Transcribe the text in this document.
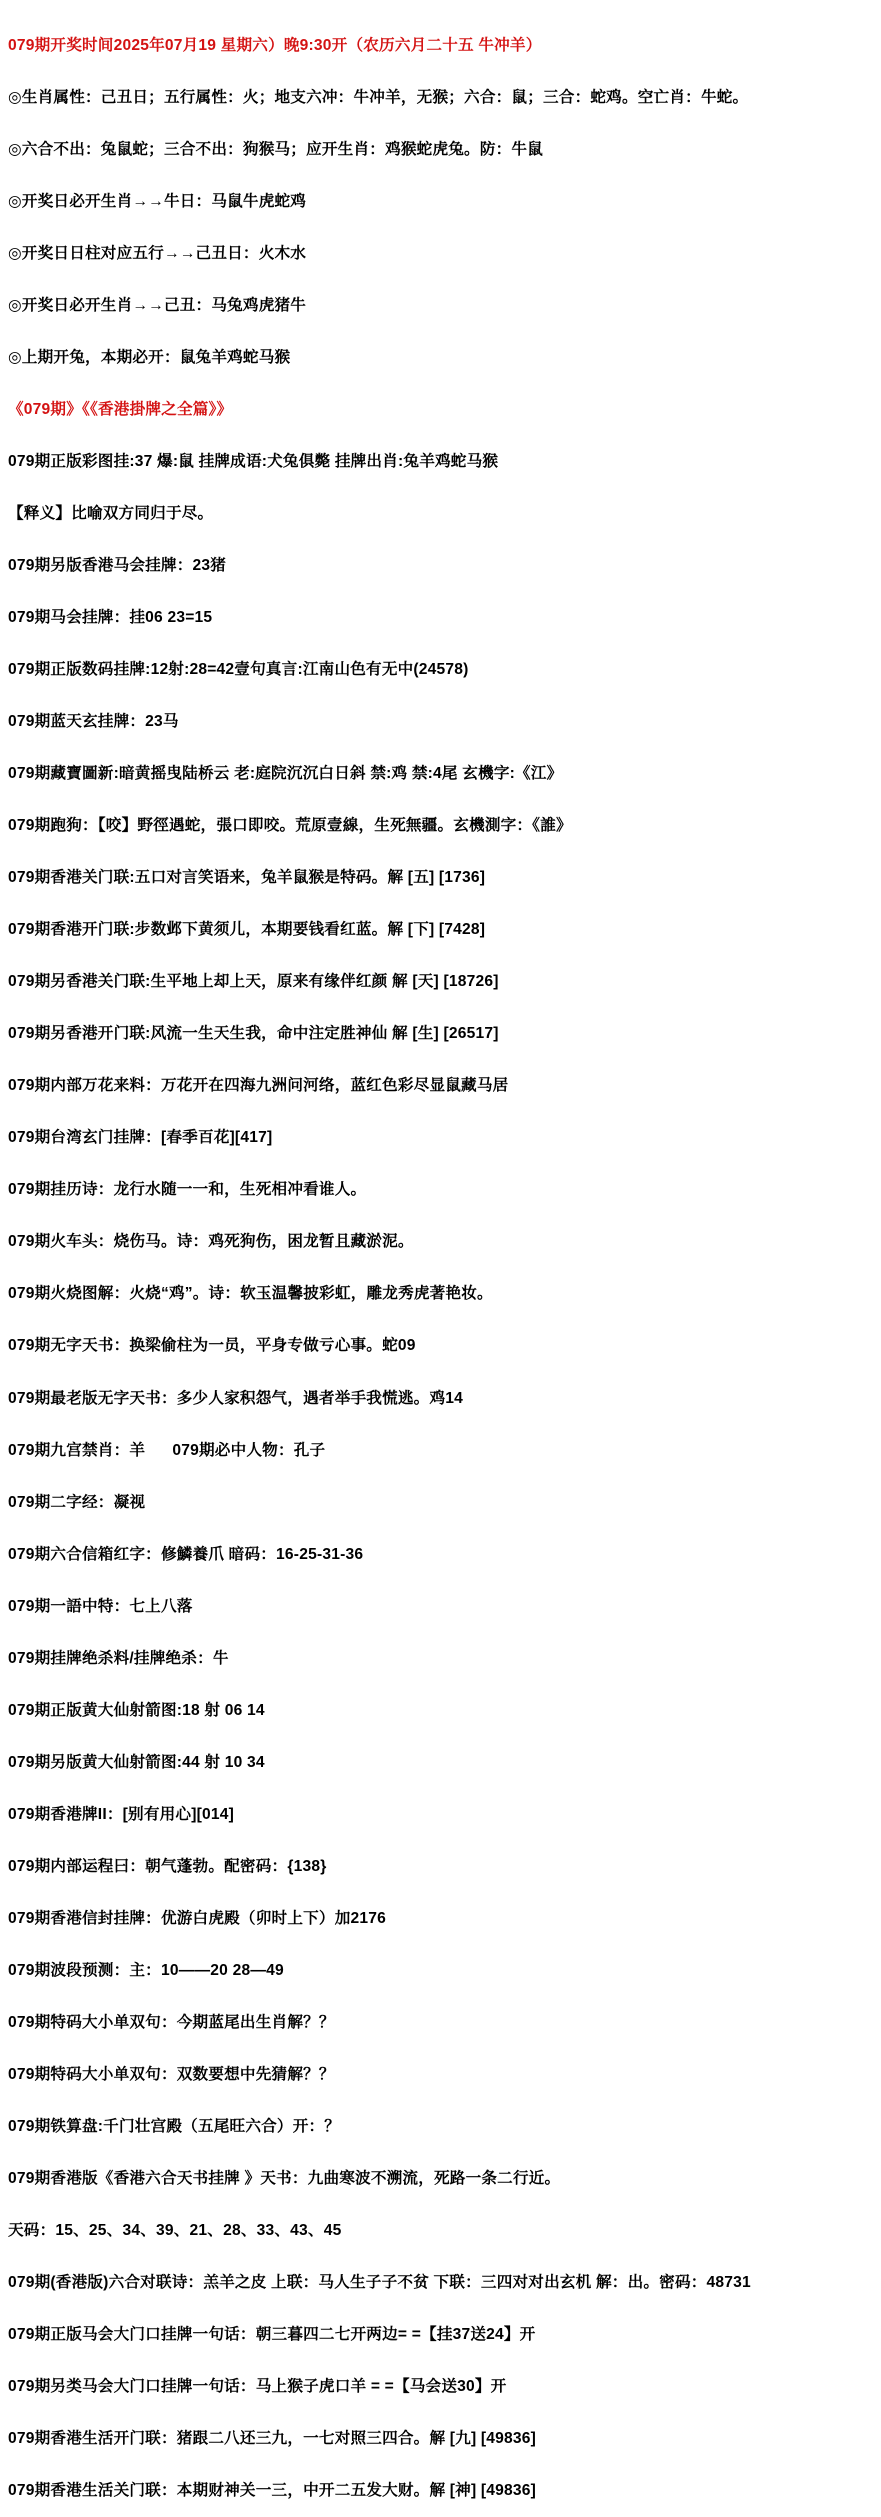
079期开奖时间2025年07月19 星期六）晚9:30开（农历六月二十五 牛冲羊）

◎生肖属性：己丑日；五行属性：火；地支六冲：牛冲羊，无猴；六合：鼠；三合：蛇鸡。空亡肖：牛蛇。

◎六合不出：兔鼠蛇；三合不出：狗猴马；应开生肖：鸡猴蛇虎兔。防：牛鼠

◎开奖日必开生肖→→牛日：马鼠牛虎蛇鸡

◎开奖日日柱对应五行→→己丑日：火木水

◎开奖日必开生肖→→己丑：马兔鸡虎猪牛

◎上期开兔，本期必开：鼠兔羊鸡蛇马猴

《079期》《《香港掛牌之全篇》》

079期正版彩图挂:37 爆:鼠 挂牌成语:犬兔俱斃 挂牌出肖:兔羊鸡蛇马猴

【释义】比喻双方同归于尽。

079期另版香港马会挂牌：23猪

079期马会挂牌：挂06 23=15

079期正版数码挂牌:12射:28=42壹句真言:江南山色有无中(24578)

079期蓝天玄挂牌：23马

079期藏寶圖新:暗黄摇曳陆桥云 老:庭院沉沉白日斜 禁:鸡 禁:4尾 玄機字:《江》

079期跑狗：【咬】野徑遇蛇，張口即咬。荒原壹線，生死無疆。玄機測字：《誰》

079期香港关门联:五口对言笑语来，兔羊鼠猴是特码。解 [五] [1736]

079期香港开门联:步数邺下黄须儿，本期要钱看红蓝。解 [下] [7428]

079期另香港关门联:生平地上却上天，原来有缘伴红颜 解 [天] [18726]

079期另香港开门联:风流一生天生我，命中注定胜神仙 解 [生] [26517]

079期内部万花来料：万花开在四海九洲问河络，蓝红色彩尽显鼠藏马居

079期台湾玄门挂牌：[春季百花][417]

079期挂历诗：龙行水随一一和，生死相冲看谁人。

079期火车头：烧伤马。诗：鸡死狗伤，困龙暂且藏淤泥。

079期火烧图解：火烧“鸡”。诗：软玉温馨披彩虹，雕龙秀虎著艳妆。

079期无字天书：换梁偷柱为一员，平身专做亏心事。蛇09

079期最老版无字天书：多少人家积怨气，遇者举手我慌逃。鸡14

079期九宫禁肖：羊      079期必中人物：孔子

079期二字经：凝视

079期六合信箱红字：修鱗養爪 暗码：16-25-31-36

079期一語中特：七上八落

079期挂牌绝杀料/挂牌绝杀：牛

079期正版黄大仙射箭图:18 射 06 14

079期另版黄大仙射箭图:44 射 10 34

079期香港牌II：[别有用心][014]

079期内部运程曰：朝气蓬勃。配密码：{138}

079期香港信封挂牌：优游白虎殿（卯时上下）加2176

079期波段预测：主：10——20 28—49

079期特码大小单双句：今期蓝尾出生肖解？？

079期特码大小单双句：双数要想中先猜解？？

079期铁算盘:千门壮宫殿（五尾旺六合）开：？

079期香港版《香港六合天书挂牌 》天书：九曲寒波不溯流，死路一条二行近。

天码：15、25、34、39、21、28、33、43、45

079期(香港版)六合对联诗：羔羊之皮 上联：马人生子子不贫 下联：三四对对出玄机 解：出。密码：48731

079期正版马会大门口挂牌一句话：朝三暮四二七开两边= =【挂37送24】开

079期另类马会大门口挂牌一句话：马上猴子虎口羊 = =【马会送30】开

079期香港生活开门联：猪跟二八还三九，一七对照三四合。解 [九] [49836]

079期香港生活关门联：本期财神关一三，中开二五发大财。解 [神] [49836]
